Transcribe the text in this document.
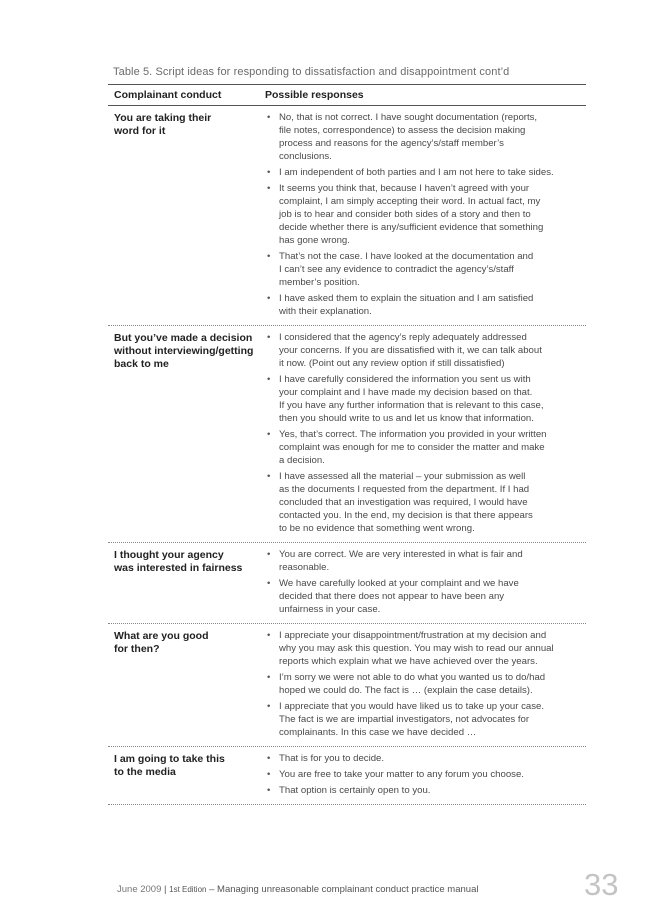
Table 5. Script ideas for responding to dissatisfaction and disappointment cont’d
Complainant conduct	Possible responses
You are taking their
word for it
• No, that is not correct. I have sought documentation (reports,
file notes, correspondence) to assess the decision making
process and reasons for the agency’s/staff member’s
conclusions.
• I am independent of both parties and I am not here to take sides.
• It seems you think that, because I haven’t agreed with your
complaint, I am simply accepting their word. In actual fact, my
job is to hear and consider both sides of a story and then to
decide whether there is any/sufficient evidence that something
has gone wrong.
• That’s not the case. I have looked at the documentation and
I can’t see any evidence to contradict the agency’s/staff
member’s position.
• I have asked them to explain the situation and I am satisfied
with their explanation.
But you’ve made a decision
without interviewing/getting
back to me
• I considered that the agency’s reply adequately addressed
your concerns. If you are dissatisfied with it, we can talk about
it now. (Point out any review option if still dissatisfied)
• I have carefully considered the information you sent us with
your complaint and I have made my decision based on that.
If you have any further information that is relevant to this case,
then you should write to us and let us know that information.
• Yes, that’s correct. The information you provided in your written
complaint was enough for me to consider the matter and make
a decision.
• I have assessed all the material – your submission as well
as the documents I requested from the department. If I had
concluded that an investigation was required, I would have
contacted you. In the end, my decision is that there appears
to be no evidence that something went wrong.
I thought your agency
was interested in fairness
• You are correct. We are very interested in what is fair and
reasonable.
• We have carefully looked at your complaint and we have
decided that there does not appear to have been any
unfairness in your case.
What are you good
for then?
• I appreciate your disappointment/frustration at my decision and
why you may ask this question. You may wish to read our annual
reports which explain what we have achieved over the years.
• I’m sorry we were not able to do what you wanted us to do/had
hoped we could do. The fact is … (explain the case details).
• I appreciate that you would have liked us to take up your case.
The fact is we are impartial investigators, not advocates for
complainants. In this case we have decided …
I am going to take this
to the media
• That is for you to decide.
• You are free to take your matter to any forum you choose.
• That option is certainly open to you.
June 2009 | 1st Edition – Managing unreasonable complainant conduct practice manual	33
